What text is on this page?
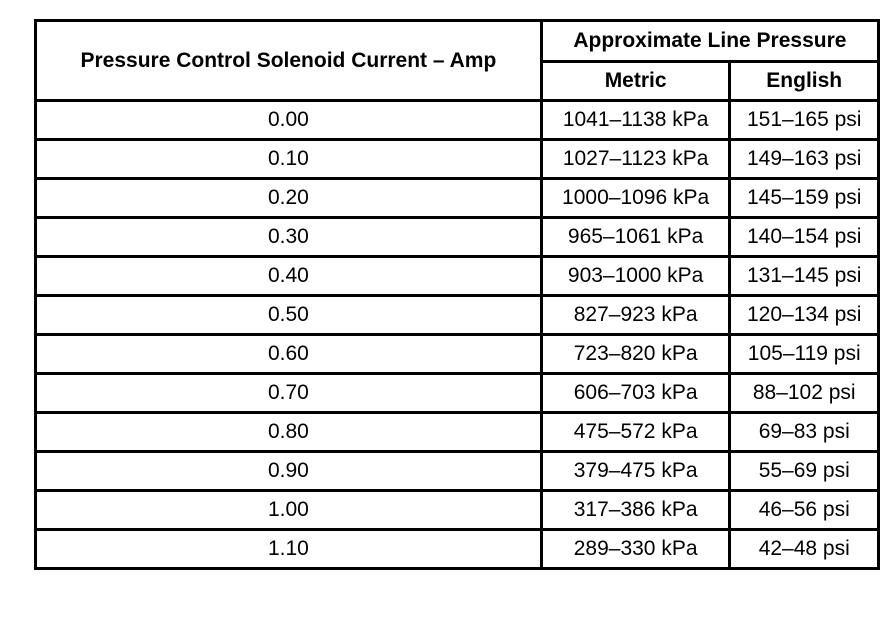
Pressure Control Solenoid Current – Amp	Approximate Line Pressure	
	Metric	English
0.00	1041–1138 kPa	151–165 psi
0.10	1027–1123 kPa	149–163 psi
0.20	1000–1096 kPa	145–159 psi
0.30	965–1061 kPa	140–154 psi
0.40	903–1000 kPa	131–145 psi
0.50	827–923 kPa	120–134 psi
0.60	723–820 kPa	105–119 psi
0.70	606–703 kPa	88–102 psi
0.80	475–572 kPa	69–83 psi
0.90	379–475 kPa	55–69 psi
1.00	317–386 kPa	46–56 psi
1.10	289–330 kPa	42–48 psi
